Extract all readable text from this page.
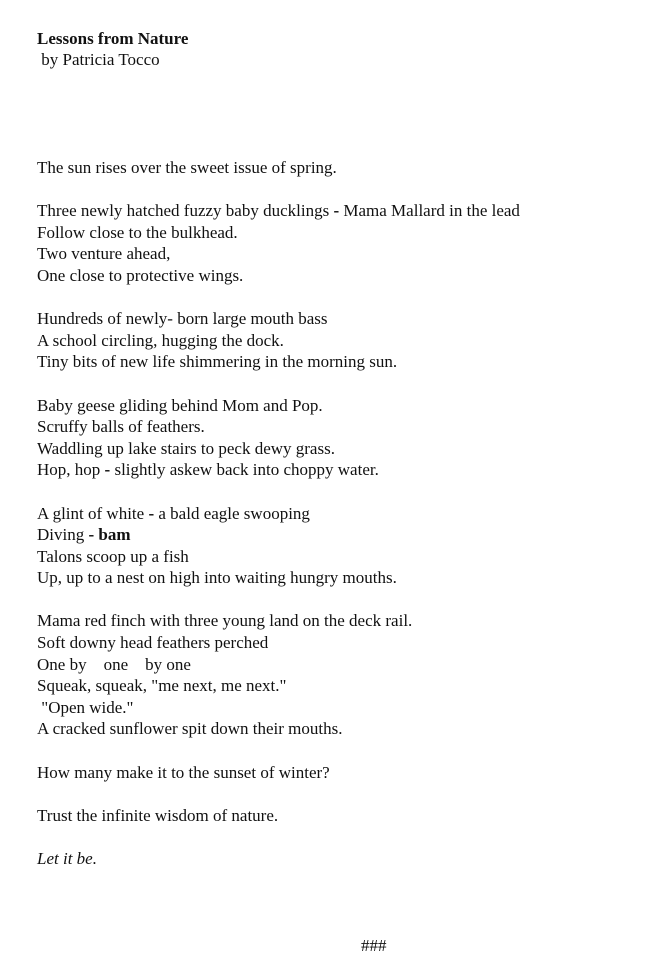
Lessons from Nature
by Patricia Tocco
The sun rises over the sweet issue of spring.
Three newly hatched fuzzy baby ducklings - Mama Mallard in the lead
Follow close to the bulkhead.
Two venture ahead,
One close to protective wings.
Hundreds of newly- born large mouth bass
A school circling, hugging the dock.
Tiny bits of new life shimmering in the morning sun.
Baby geese gliding behind Mom and Pop.
Scruffy balls of feathers.
Waddling up lake stairs to peck dewy grass.
Hop, hop - slightly askew back into choppy water.
A glint of white - a bald eagle swooping
Diving - bam
Talons scoop up a fish
Up, up to a nest on high into waiting hungry mouths.
Mama red finch with three young land on the deck rail.
Soft downy head feathers perched
One by    one    by one
Squeak, squeak, "me next, me next."
"Open wide."
A cracked sunflower spit down their mouths.
How many make it to the sunset of winter?
Trust the infinite wisdom of nature.
Let it be.
###
